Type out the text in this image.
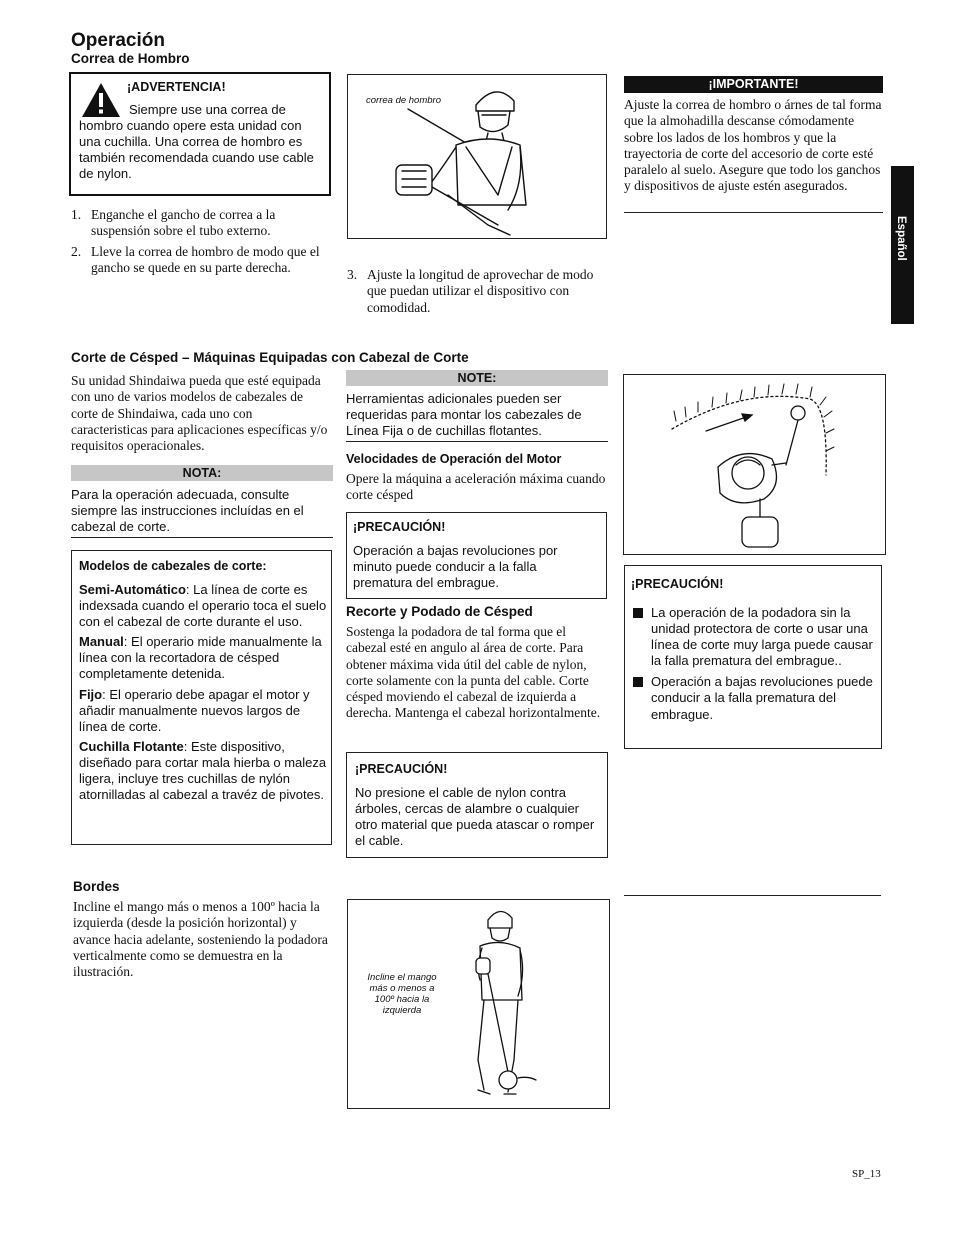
Operación
Correa de Hombro
¡ADVERTENCIA!
Siempre use una correa de hombro cuando opere esta unidad con una cuchilla. Una correa de hombro es también recomendada cuando use cable de nylon.
1. Enganche el gancho de correa a la suspensión sobre el tubo externo.
2. Lleve la correa de hombro de modo que el gancho se quede en su parte derecha.
correa de hombro
3. Ajuste la longitud de aprovechar de modo que puedan utilizar el dispositivo con comodidad.
¡IMPORTANTE!
Ajuste la correa de hombro o árnes de tal forma que la almohadilla descanse cómodamente sobre los lados de los hombros y que la trayectoria de corte del accesorio de corte esté paralelo al suelo. Asegure que todo los ganchos y dispositivos de ajuste estén asegurados.
Español
Corte de Césped – Máquinas Equipadas con Cabezal de Corte
Su unidad Shindaiwa pueda que esté equipada con uno de varios modelos de cabezales de corte de Shindaiwa, cada uno con caracteristicas para aplicaciones específicas y/o requisitos operacionales.
NOTA:
Para la operación adecuada, consulte siempre las instrucciones incluídas en el cabezal de corte.
Modelos de cabezales de corte:

Semi-Automático: La línea de corte es indexsada cuando el operario toca el suelo con el cabezal de corte durante el uso.

Manual: El operario mide manualmente la línea con la recortadora de césped completamente detenida.

Fijo: El operario debe apagar el motor y añadir manualmente nuevos largos de línea de corte.

Cuchilla Flotante: Este dispositivo, diseñado para cortar mala hierba o maleza ligera, incluye tres cuchillas de nylón atornilladas al cabezal a travéz de pivotes.

NOTE:
Herramientas adicionales pueden ser requeridas para montar los cabezales de Línea Fija o de cuchillas flotantes.
Velocidades de Operación del Motor
Opere la máquina a aceleración máxima cuando corte césped
¡PRECAUCIÓN!
Operación a bajas revoluciones por minuto puede conducir a la falla prematura del embrague.
Recorte y Podado de Césped
Sostenga la podadora de tal forma que el cabezal esté en angulo al área de corte. Para obtener máxima vida útil del cable de nylon, corte solamente con la punta del cable. Corte césped moviendo el cabezal de izquierda a derecha. Mantenga el cabezal horizontalmente.
¡PRECAUCIÓN!
No presione el cable de nylon contra árboles, cercas de alambre o cualquier otro material que pueda atascar o romper el cable.
¡PRECAUCIÓN!
La operación de la podadora sin la unidad protectora de corte o usar una línea de corte muy larga puede causar la falla prematura del embrague..
Operación a bajas revoluciones puede conducir a la falla prematura del embrague.
Bordes
Incline el mango más o menos a 100º hacia la izquierda (desde la posición horizontal) y avance hacia adelante, sosteniendo la podadora verticalmente como se demuestra en la ilustración.	Incline el mango más o menos a 100º hacia la izquierda
SP_13
